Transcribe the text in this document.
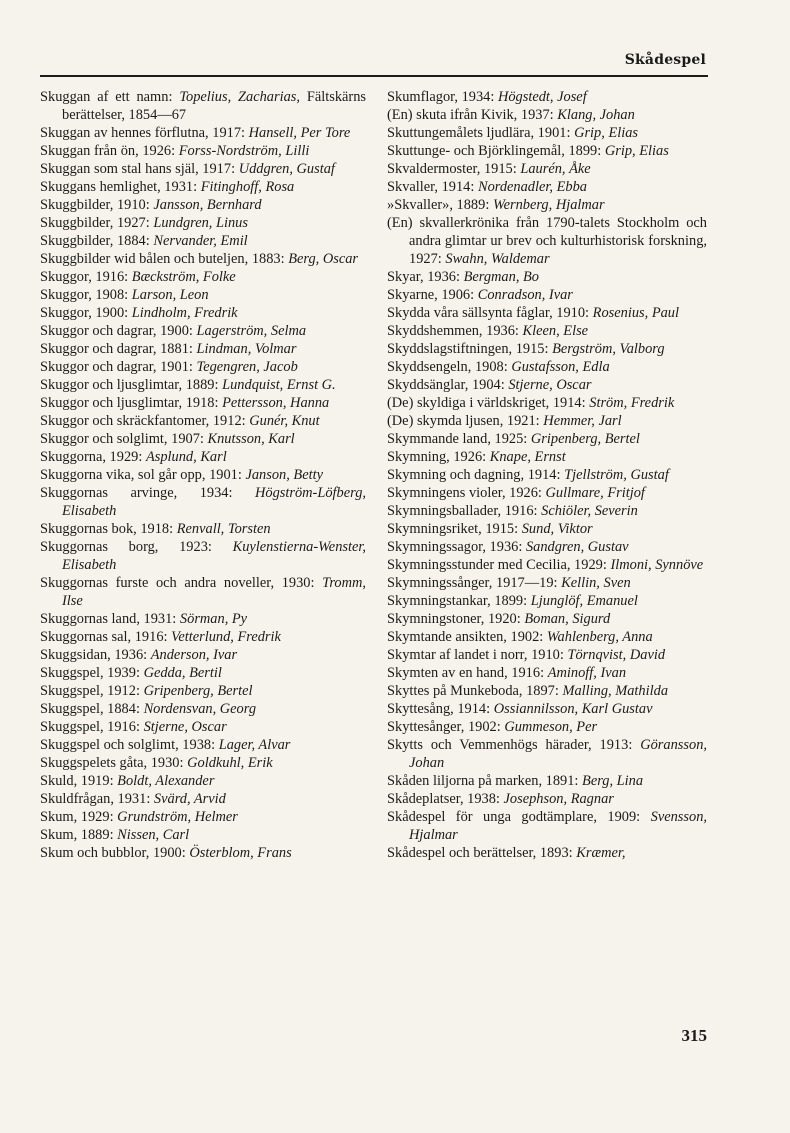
Skådespel

Skuggan af ett namn: Topelius, Zacharias, Fältskärns berättelser, 1854—67

Skuggan av hennes förflutna, 1917: Hansell, Per Tore

Skuggan från ön, 1926: Forss-Nordström, Lilli

Skuggan som stal hans själ, 1917: Uddgren, Gustaf

Skuggans hemlighet, 1931: Fitinghoff, Rosa

Skuggbilder, 1910: Jansson, Bernhard

Skuggbilder, 1927: Lundgren, Linus

Skuggbilder, 1884: Nervander, Emil

Skuggbilder wid bålen och buteljen, 1883: Berg, Oscar

Skuggor, 1916: Bæckström, Folke

Skuggor, 1908: Larson, Leon

Skuggor, 1900: Lindholm, Fredrik

Skuggor och dagrar, 1900: Lagerström, Selma

Skuggor och dagrar, 1881: Lindman, Volmar

Skuggor och dagrar, 1901: Tegengren, Jacob

Skuggor och ljusglimtar, 1889: Lundquist, Ernst G.

Skuggor och ljusglimtar, 1918: Pettersson, Hanna

Skuggor och skräckfantomer, 1912: Gunér, Knut

Skuggor och solglimt, 1907: Knutsson, Karl

Skuggorna, 1929: Asplund, Karl

Skuggorna vika, sol går opp, 1901: Janson, Betty

Skuggornas arvinge, 1934: Högström-Löfberg, Elisabeth

Skuggornas bok, 1918: Renvall, Torsten

Skuggornas borg, 1923: Kuylenstierna-Wenster, Elisabeth

Skuggornas furste och andra noveller, 1930: Tromm, Ilse

Skuggornas land, 1931: Sörman, Py

Skuggornas sal, 1916: Vetterlund, Fredrik

Skuggsidan, 1936: Anderson, Ivar

Skuggspel, 1939: Gedda, Bertil

Skuggspel, 1912: Gripenberg, Bertel

Skuggspel, 1884: Nordensvan, Georg

Skuggspel, 1916: Stjerne, Oscar

Skuggspel och solglimt, 1938: Lager, Alvar

Skuggspelets gåta, 1930: Goldkuhl, Erik

Skuld, 1919: Boldt, Alexander

Skuldfrågan, 1931: Svärd, Arvid

Skum, 1929: Grundström, Helmer

Skum, 1889: Nissen, Carl

Skum och bubblor, 1900: Österblom, Frans

Skumflagor, 1934: Högstedt, Josef

(En) skuta ifrån Kivik, 1937: Klang, Johan

Skuttungemålets ljudlära, 1901: Grip, Elias

Skuttunge- och Björklingemål, 1899: Grip, Elias

Skvaldermoster, 1915: Laurén, Åke

Skvaller, 1914: Nordenadler, Ebba

»Skvaller», 1889: Wernberg, Hjalmar

(En) skvallerkrönika från 1790-talets Stockholm och andra glimtar ur brev och kulturhistorisk forskning, 1927: Swahn, Waldemar

Skyar, 1936: Bergman, Bo

Skyarne, 1906: Conradson, Ivar

Skydda våra sällsynta fåglar, 1910: Rosenius, Paul

Skyddshemmen, 1936: Kleen, Else

Skyddslagstiftningen, 1915: Bergström, Valborg

Skyddsengeln, 1908: Gustafsson, Edla

Skyddsänglar, 1904: Stjerne, Oscar

(De) skyldiga i världskriget, 1914: Ström, Fredrik

(De) skymda ljusen, 1921: Hemmer, Jarl

Skymmande land, 1925: Gripenberg, Bertel

Skymning, 1926: Knape, Ernst

Skymning och dagning, 1914: Tjellström, Gustaf

Skymningens violer, 1926: Gullmare, Fritjof

Skymningsballader, 1916: Schiöler, Severin

Skymningsriket, 1915: Sund, Viktor

Skymningssagor, 1936: Sandgren, Gustav

Skymningsstunder med Cecilia, 1929: Ilmoni, Synnöve

Skymningssånger, 1917—19: Kellin, Sven

Skymningstankar, 1899: Ljunglöf, Emanuel

Skymningstoner, 1920: Boman, Sigurd

Skymtande ansikten, 1902: Wahlenberg, Anna

Skymtar af landet i norr, 1910: Törnqvist, David

Skymten av en hand, 1916: Aminoff, Ivan

Skyttes på Munkeboda, 1897: Malling, Mathilda

Skyttesång, 1914: Ossiannilsson, Karl Gustav

Skyttesånger, 1902: Gummeson, Per

Skytts och Vemmenhögs härader, 1913: Göransson, Johan

Skåden liljorna på marken, 1891: Berg, Lina

Skådeplatser, 1938: Josephson, Ragnar

Skådespel för unga godtämplare, 1909: Svensson, Hjalmar

Skådespel och berättelser, 1893: Kræmer,

315
